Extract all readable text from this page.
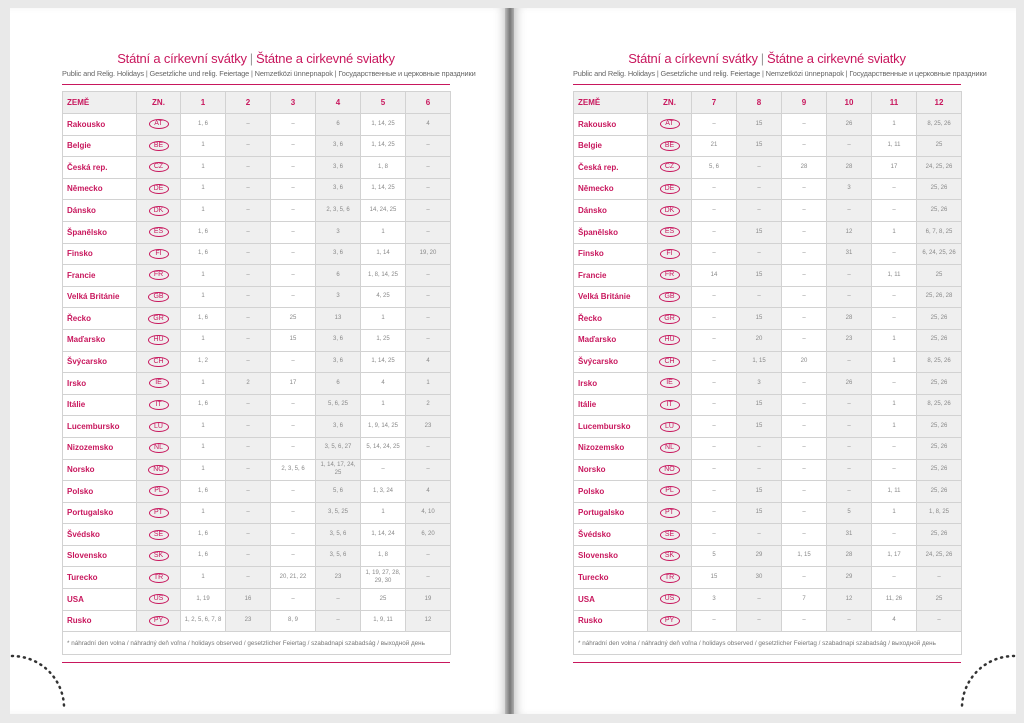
Státní a církevní svátky | Štátne a cirkevné sviatky
Public and Relig. Holidays | Gesetzliche und relig. Feiertage | Nemzetközi ünnepnapok | Государственные и церковные праздники
ZEMĚ	ZN.	1	2	3	4	5	6
Rakousko	AT	1, 6	–	–	6	1, 14, 25	4
Belgie	BE	1	–	–	3, 6	1, 14, 25	–
Česká rep.	CZ	1	–	–	3, 6	1, 8	–
Německo	DE	1	–	–	3, 6	1, 14, 25	–
Dánsko	DK	1	–	–	2, 3, 5, 6	14, 24, 25	–
Španělsko	ES	1, 6	–	–	3	1	–
Finsko	FI	1, 6	–	–	3, 6	1, 14	19, 20
Francie	FR	1	–	–	6	1, 8, 14, 25	–
Velká Británie	GB	1	–	–	3	4, 25	–
Řecko	GR	1, 6	–	25	13	1	–
Maďarsko	HU	1	–	15	3, 6	1, 25	–
Švýcarsko	CH	1, 2	–	–	3, 6	1, 14, 25	4
Irsko	IE	1	2	17	6	4	1
Itálie	IT	1, 6	–	–	5, 6, 25	1	2
Lucembursko	LU	1	–	–	3, 6	1, 9, 14, 25	23
Nizozemsko	NL	1	–	–	3, 5, 6, 27	5, 14, 24, 25	–
Norsko	NO	1	–	2, 3, 5, 6	1, 14, 17, 24, 25	–	–
Polsko	PL	1, 6	–	–	5, 6	1, 3, 24	4
Portugalsko	PT	1	–	–	3, 5, 25	1	4, 10
Švédsko	SE	1, 6	–	–	3, 5, 6	1, 14, 24	6, 20
Slovensko	SK	1, 6	–	–	3, 5, 6	1, 8	–
Turecko	TR	1	–	20, 21, 22	23	1, 19, 27, 28, 29, 30	–
USA	US	1, 19	16	–	–	25	19
Rusko	PY	1, 2, 5, 6, 7, 8	23	8, 9	–	1, 9, 11	12
* náhradní den volna / náhradný deň voľna / holidays observed / gesetzlicher Feiertag / szabadnapi szabadság / выходной день							
Státní a církevní svátky | Štátne a cirkevné sviatky
Public and Relig. Holidays | Gesetzliche und relig. Feiertage | Nemzetközi ünnepnapok | Государственные и церковные праздники
ZEMĚ	ZN.	7	8	9	10	11	12
Rakousko	AT	–	15	–	26	1	8, 25, 26
Belgie	BE	21	15	–	–	1, 11	25
Česká rep.	CZ	5, 6	–	28	28	17	24, 25, 26
Německo	DE	–	–	–	3	–	25, 26
Dánsko	DK	–	–	–	–	–	25, 26
Španělsko	ES	–	15	–	12	1	6, 7, 8, 25
Finsko	FI	–	–	–	31	–	6, 24, 25, 26
Francie	FR	14	15	–	–	1, 11	25
Velká Británie	GB	–	–	–	–	–	25, 26, 28
Řecko	GR	–	15	–	28	–	25, 26
Maďarsko	HU	–	20	–	23	1	25, 26
Švýcarsko	CH	–	1, 15	20	–	1	8, 25, 26
Irsko	IE	–	3	–	26	–	25, 26
Itálie	IT	–	15	–	–	1	8, 25, 26
Lucembursko	LU	–	15	–	–	1	25, 26
Nizozemsko	NL	–	–	–	–	–	25, 26
Norsko	NO	–	–	–	–	–	25, 26
Polsko	PL	–	15	–	–	1, 11	25, 26
Portugalsko	PT	–	15	–	5	1	1, 8, 25
Švédsko	SE	–	–	–	31	–	25, 26
Slovensko	SK	5	29	1, 15	28	1, 17	24, 25, 26
Turecko	TR	15	30	–	29	–	–
USA	US	3	–	7	12	11, 26	25
Rusko	PY	–	–	–	–	4	–
* náhradní den volna / náhradný deň voľna / holidays observed / gesetzlicher Feiertag / szabadnapi szabadság / выходной день							
